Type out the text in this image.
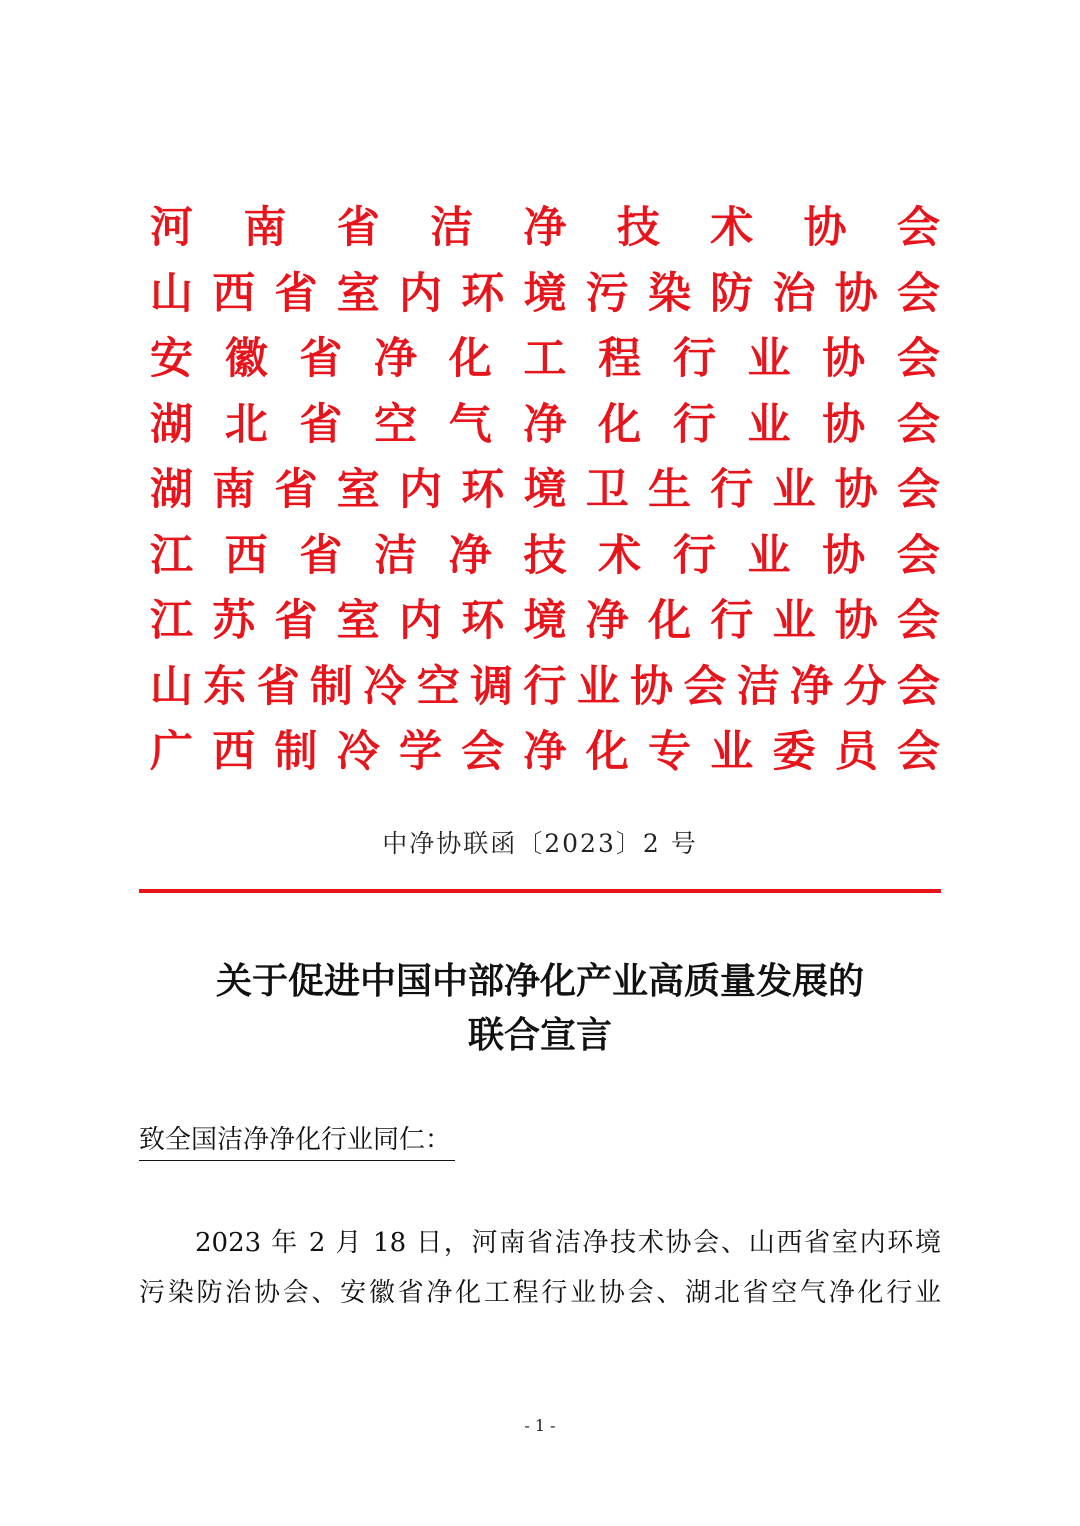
河 南 省 洁 净 技 术 协 会
山 西 省 室 内 环 境 污 染 防 治 协 会
安 徽 省 净 化 工 程 行 业 协 会
湖 北 省 空 气 净 化 行 业 协 会
湖 南 省 室 内 环 境 卫 生 行 业 协 会
江 西 省 洁 净 技 术 行 业 协 会
江 苏 省 室 内 环 境 净 化 行 业 协 会
山 东 省 制 冷 空 调 行 业 协 会 洁 净 分 会
广 西 制 冷 学 会 净 化 专 业 委 员 会
中净协联函〔2023〕2 号
关于促进中国中部净化产业高质量发展的
联合宣言
致全国洁净净化行业同仁：
2023 年 2 月 18 日，河南省洁净技术协会、山西省室内环境
污染防治协会、安徽省净化工程行业协会、湖北省空气净化行业
- 1 -
